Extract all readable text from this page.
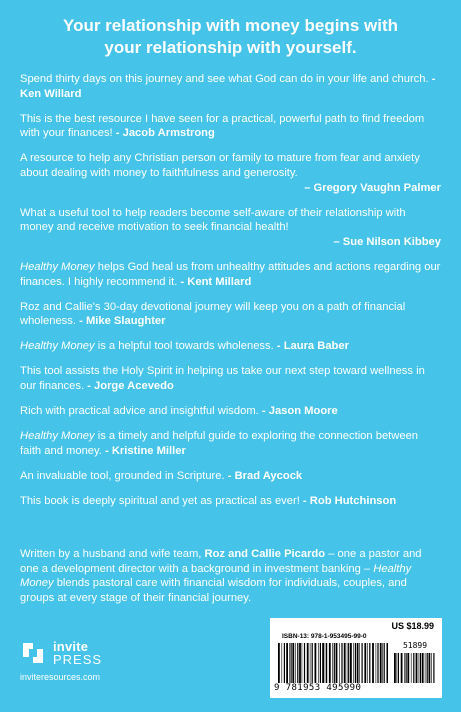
Your relationship with money begins with
your relationship with yourself.

Spend thirty days on this journey and see what God can do in your life and church.- Ken Willard

This is the best resource I have seen for a practical, powerful path to find freedom with your finances! - Jacob Armstrong

A resource to help any Christian person or family to mature from fear and anxiety about dealing with money to faithfulness and generosity.
– Gregory Vaughn Palmer

What a useful tool to help readers become self-aware of their relationship with money and receive motivation to seek financial health!
– Sue Nilson Kibbey

Healthy Money helps God heal us from unhealthy attitudes and actions regarding our finances. I highly recommend it. - Kent Millard

Roz and Callie's 30-day devotional journey will keep you on a path of financial wholeness. - Mike Slaughter

Healthy Money is a helpful tool towards wholeness. - Laura Baber

This tool assists the Holy Spirit in helping us take our next step toward wellness in our finances. - Jorge Acevedo

Rich with practical advice and insightful wisdom. - Jason Moore

Healthy Money is a timely and helpful guide to exploring the connection between faith and money. - Kristine Miller

An invaluable tool, grounded in Scripture. - Brad Aycock

This book is deeply spiritual and yet as practical as ever! - Rob Hutchinson

Written by a husband and wife team, Roz and Callie Picardo – one a pastor and one a development director with a background in investment banking – Healthy Money blends pastoral care with financial wisdom for individuals, couples, and groups at every stage of their financial journey.
invite
PRESS
inviteresources.com
US $18.99
ISBN-13: 978-1-953495-99-0
51899
9 781953 495990
